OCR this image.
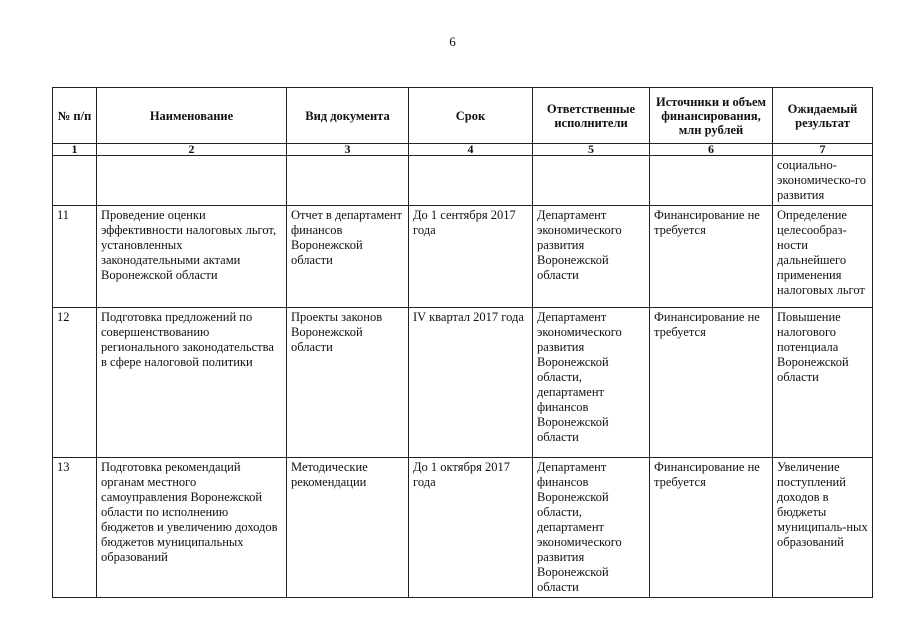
6
№ п/п	Наименование	Вид документа	Срок	Ответственные исполнители	Источники и объем финансирования, млн рублей	Ожидаемый результат
1	2	3	4	5	6	7
						социально-экономическо-го развития
11	Проведение оценки эффективности налоговых льгот, установленных законодательными актами Воронежской области	Отчет в департамент финансов Воронежской области	До 1 сентября 2017 года	Департамент экономического развития Воронежской области	Финансирование не требуется	Определение целесообраз-ности дальнейшего применения налоговых льгот
12	Подготовка предложений по совершенствованию регионального законодательства в сфере налоговой политики	Проекты законов Воронежской области	IV квартал 2017 года	Департамент экономического развития Воронежской области, департамент финансов Воронежской области	Финансирование не требуется	Повышение налогового потенциала Воронежской области
13	Подготовка рекомендаций органам местного самоуправления Воронежской области по исполнению бюджетов и увеличению доходов бюджетов муниципальных образований	Методические рекомендации	До 1 октября 2017 года	Департамент финансов Воронежской области, департамент экономического развития Воронежской области	Финансирование не требуется	Увеличение поступлений доходов в бюджеты муниципаль-ных образований
